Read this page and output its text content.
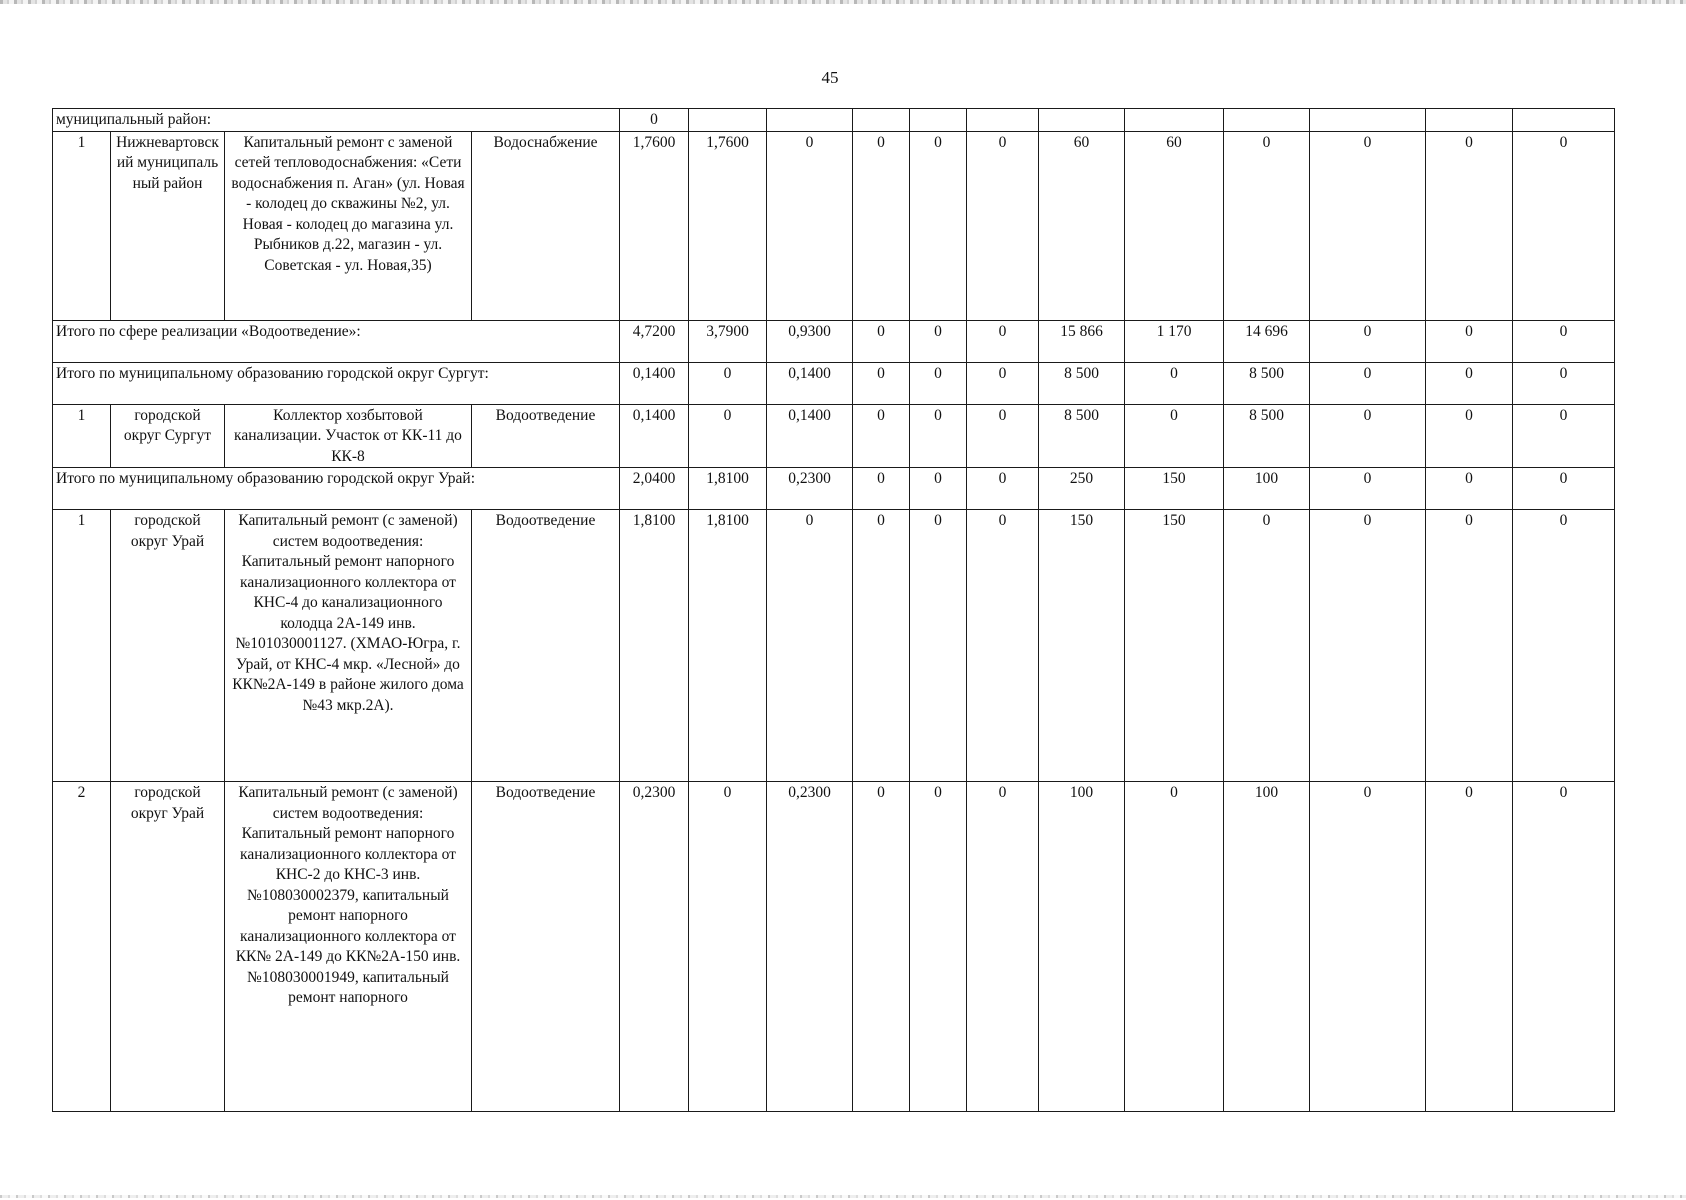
45
муниципальный район:				0											
1	Нижневартовский муниципальный район	Капитальный ремонт с заменой сетей тепловодоснабжения: «Сети водоснабжения п. Аган» (ул. Новая - колодец до скважины №2, ул. Новая - колодец до магазина ул. Рыбников д.22, магазин - ул. Советская - ул. Новая,35)	Водоснабжение	1,7600	1,7600	0	0	0	0	60	60	0	0	0	0
Итого по сфере реализации «Водоотведение»:				4,7200	3,7900	0,9300	0	0	0	15 866	1 170	14 696	0	0	0
Итого по муниципальному образованию городской округ Сургут:				0,1400	0	0,1400	0	0	0	8 500	0	8 500	0	0	0
1	городской округ Сургут	Коллектор хозбытовой канализации. Участок от КК-11 до КК-8	Водоотведение	0,1400	0	0,1400	0	0	0	8 500	0	8 500	0	0	0
Итого по муниципальному образованию городской округ Урай:				2,0400	1,8100	0,2300	0	0	0	250	150	100	0	0	0
1	городской округ Урай	Капитальный ремонт (с заменой) систем водоотведения: Капитальный ремонт напорного канализационного коллектора от КНС-4 до канализационного колодца 2А-149 инв.№101030001127. (ХМАО-Югра, г. Урай, от КНС-4 мкр. «Лесной» до КК№2А-149 в районе жилого дома №43 мкр.2А).	Водоотведение	1,8100	1,8100	0	0	0	0	150	150	0	0	0	0
2	городской округ Урай	Капитальный ремонт (с заменой) систем водоотведения: Капитальный ремонт напорного канализационного коллектора от КНС-2 до КНС-3 инв.№108030002379, капитальный ремонт напорного канализационного коллектора от КК№ 2А-149 до КК№2А-150 инв.№108030001949, капитальный ремонт напорного	Водоотведение	0,2300	0	0,2300	0	0	0	100	0	100	0	0	0
